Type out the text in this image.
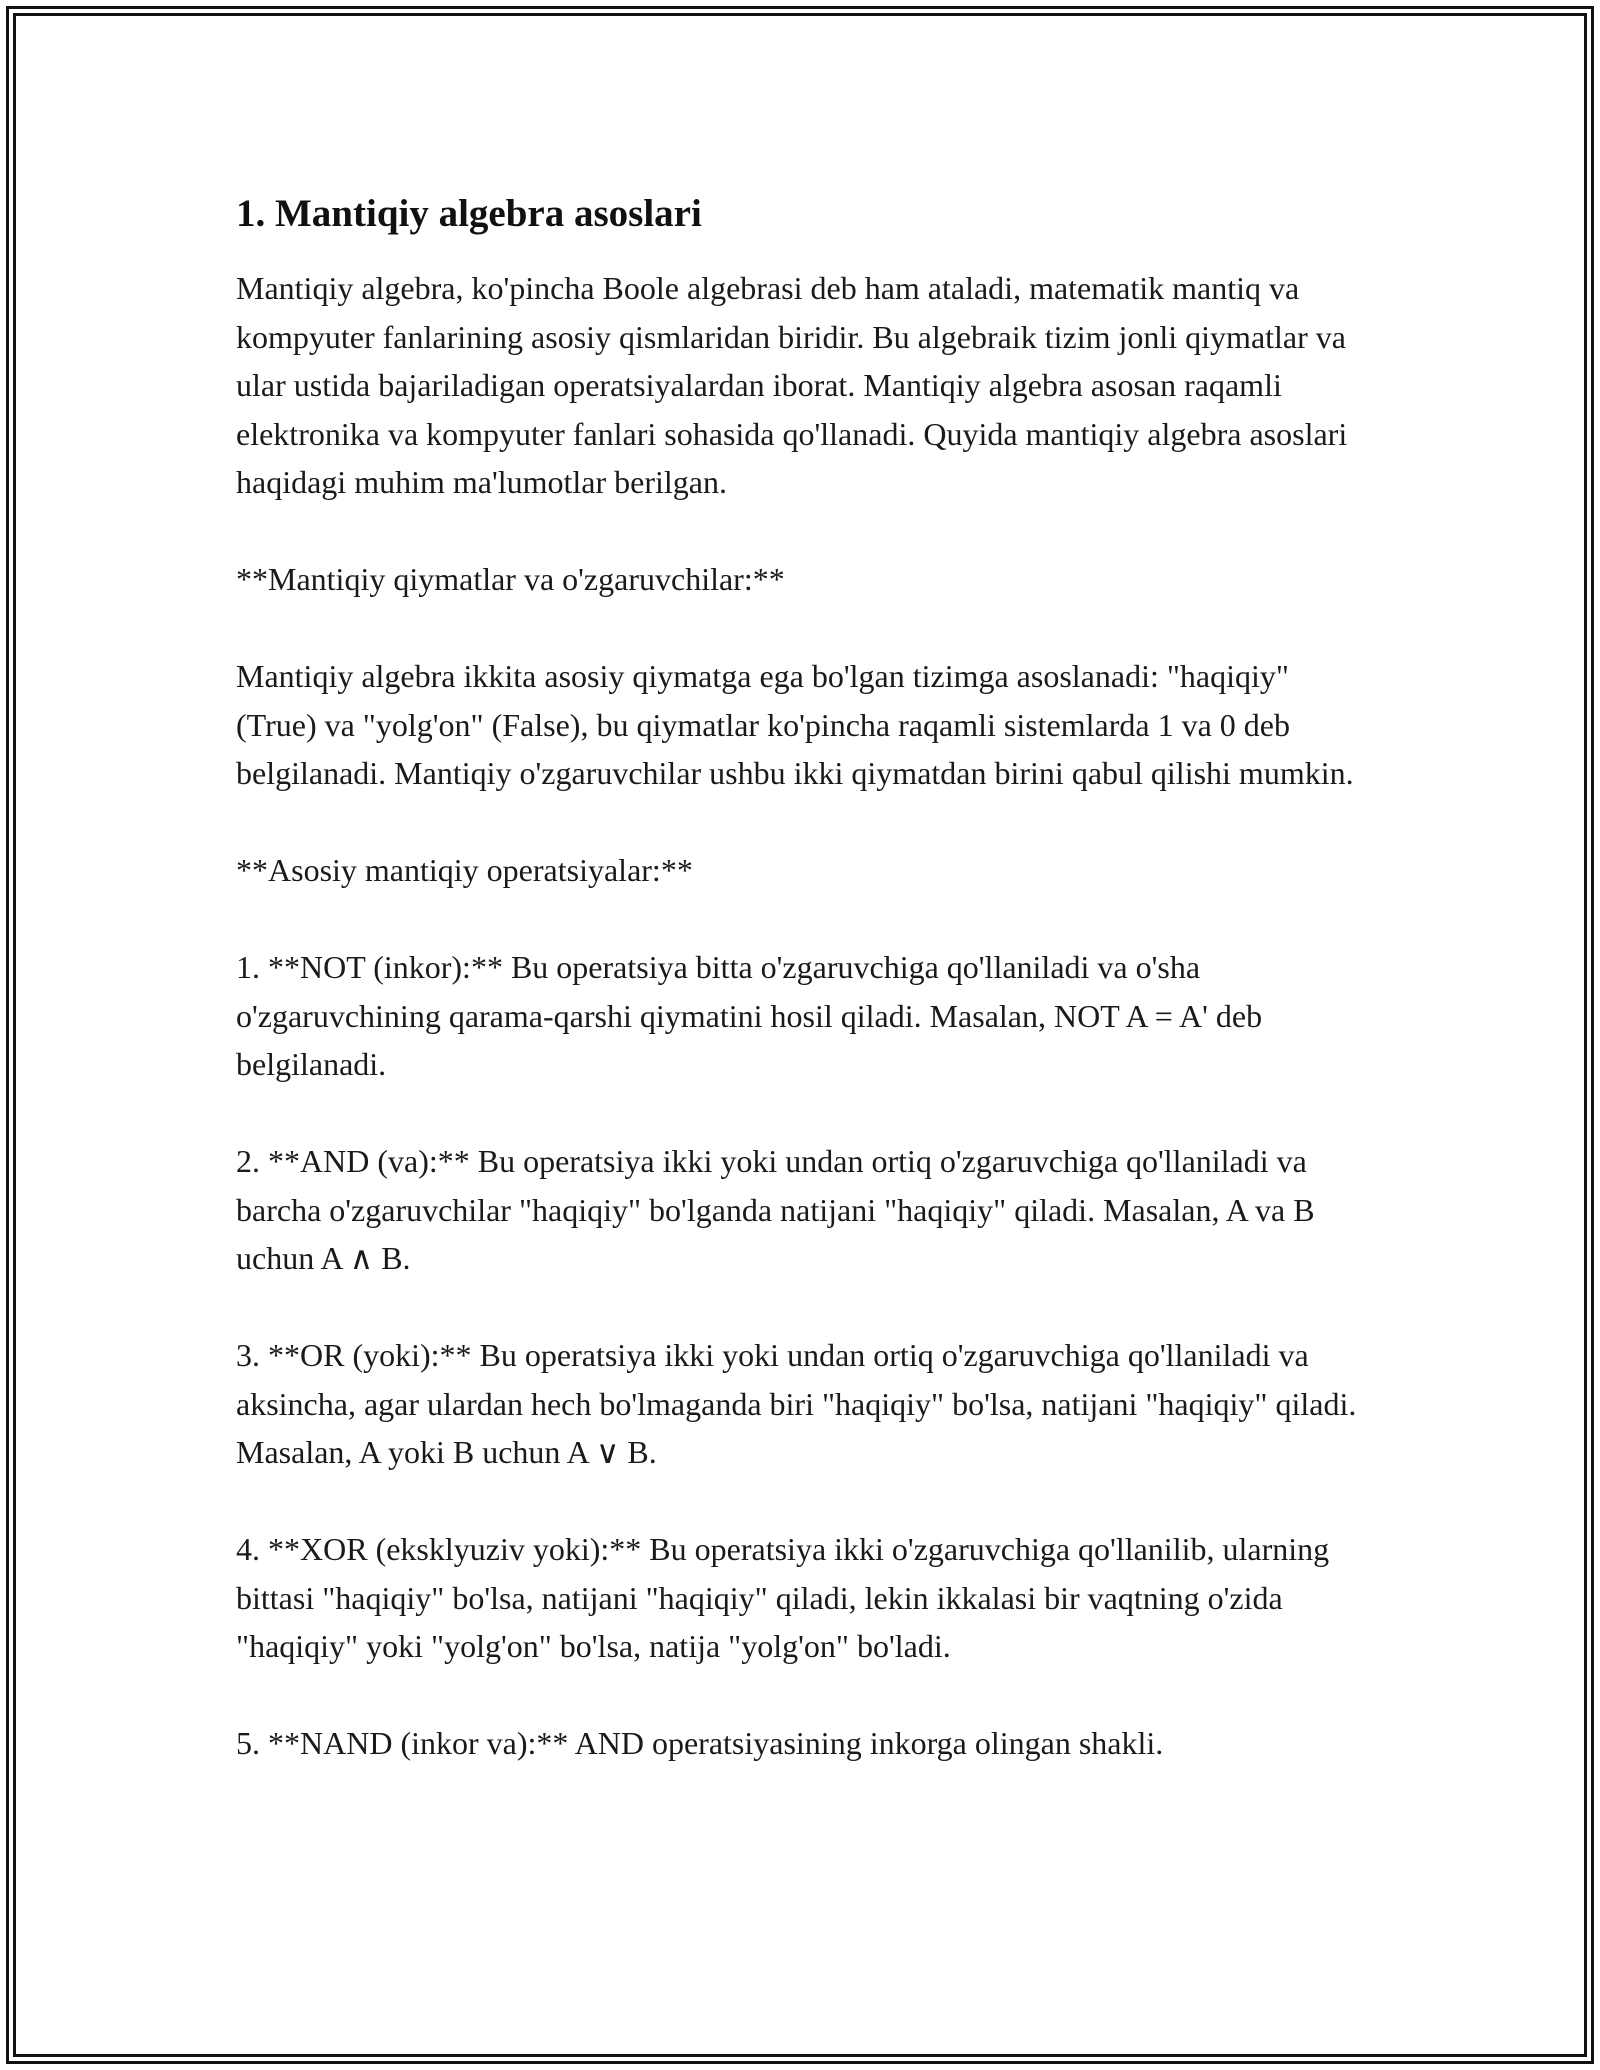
1. Mantiqiy algebra asoslari

Mantiqiy algebra, ko'pincha Boole algebrasi deb ham ataladi, matematik mantiq va kompyuter fanlarining asosiy qismlaridan biridir. Bu algebraik tizim jonli qiymatlar va ular ustida bajariladigan operatsiyalardan iborat. Mantiqiy algebra asosan raqamli elektronika va kompyuter fanlari sohasida qo'llanadi. Quyida mantiqiy algebra asoslari haqidagi muhim ma'lumotlar berilgan.

**Mantiqiy qiymatlar va o'zgaruvchilar:**

Mantiqiy algebra ikkita asosiy qiymatga ega bo'lgan tizimga asoslanadi: "haqiqiy" (True) va "yolg'on" (False), bu qiymatlar ko'pincha raqamli sistemlarda 1 va 0 deb belgilanadi. Mantiqiy o'zgaruvchilar ushbu ikki qiymatdan birini qabul qilishi mumkin.

**Asosiy mantiqiy operatsiyalar:**

1. **NOT (inkor):** Bu operatsiya bitta o'zgaruvchiga qo'llaniladi va o'sha o'zgaruvchining qarama-qarshi qiymatini hosil qiladi. Masalan, NOT A = A' deb belgilanadi.

2. **AND (va):** Bu operatsiya ikki yoki undan ortiq o'zgaruvchiga qo'llaniladi va barcha o'zgaruvchilar "haqiqiy" bo'lganda natijani "haqiqiy" qiladi. Masalan, A va B uchun A ∧ B.

3. **OR (yoki):** Bu operatsiya ikki yoki undan ortiq o'zgaruvchiga qo'llaniladi va aksincha, agar ulardan hech bo'lmaganda biri "haqiqiy" bo'lsa, natijani "haqiqiy" qiladi. Masalan, A yoki B uchun A ∨ B.

4. **XOR (eksklyuziv yoki):** Bu operatsiya ikki o'zgaruvchiga qo'llanilib, ularning bittasi "haqiqiy" bo'lsa, natijani "haqiqiy" qiladi, lekin ikkalasi bir vaqtning o'zida "haqiqiy" yoki "yolg'on" bo'lsa, natija "yolg'on" bo'ladi.

5. **NAND (inkor va):** AND operatsiyasining inkorga olingan shakli.
